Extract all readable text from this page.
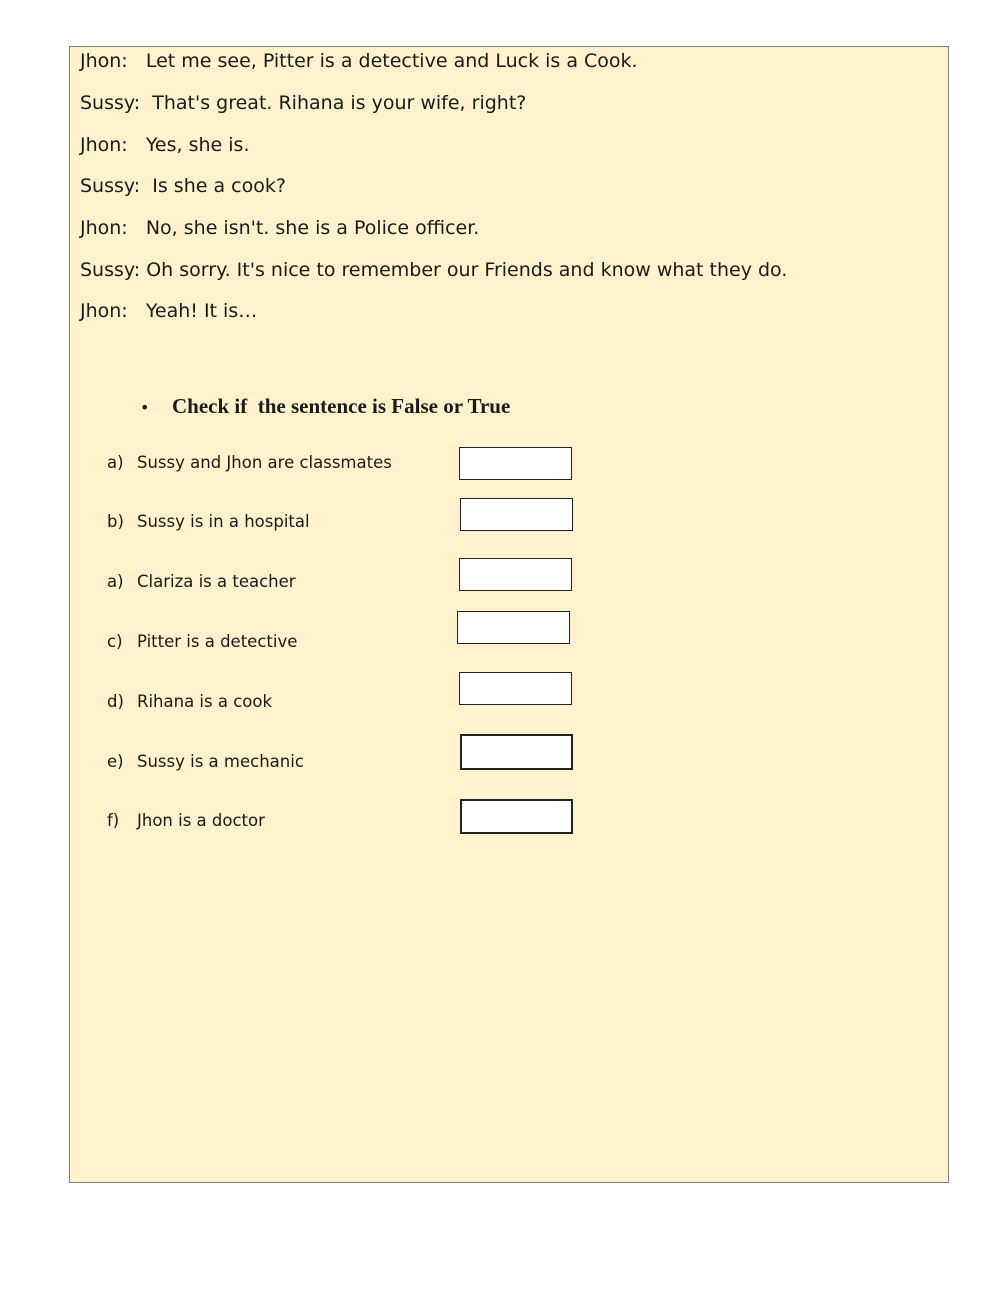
Jhon: Let me see, Pitter is a detective and Luck is a Cook.
Sussy: That's great. Rihana is your wife, right?
Jhon: Yes, she is.
Sussy: Is she a cook?
Jhon: No, she isn't. she is a Police officer.
Sussy: Oh sorry. It's nice to remember our Friends and know what they do.
Jhon: Yeah! It is…
• Check if  the sentence is False or True
a) Sussy and Jhon are classmates
b) Sussy is in a hospital
a) Clariza is a teacher
c) Pitter is a detective
d) Rihana is a cook
e) Sussy is a mechanic
f) Jhon is a doctor
